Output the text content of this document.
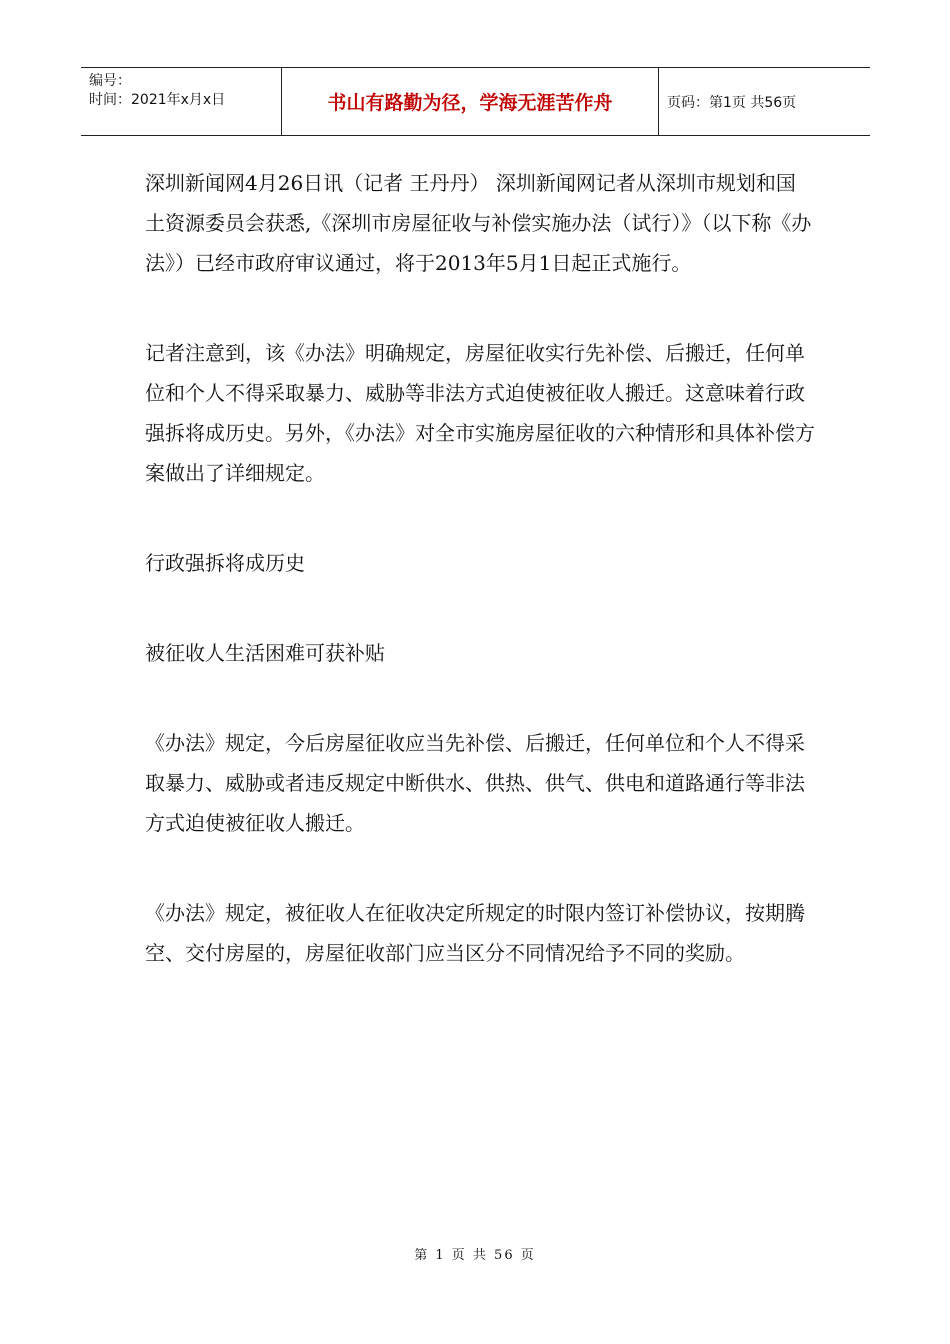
编号：
时间：2021年x月x日	书山有路勤为径，学海无涯苦作舟	页码：第1页 共56页

深圳新闻网4月26日讯（记者 王丹丹） 深圳新闻网记者从深圳市规划和国土资源委员会获悉,《深圳市房屋征收与补偿实施办法（试行）》（以下称《办法》）已经市政府审议通过，将于2013年5月1日起正式施行。

记者注意到，该《办法》明确规定，房屋征收实行先补偿、后搬迁，任何单位和个人不得采取暴力、威胁等非法方式迫使被征收人搬迁。这意味着行政强拆将成历史。另外，《办法》对全市实施房屋征收的六种情形和具体补偿方案做出了详细规定。

行政强拆将成历史

被征收人生活困难可获补贴

《办法》规定，今后房屋征收应当先补偿、后搬迁，任何单位和个人不得采取暴力、威胁或者违反规定中断供水、供热、供气、供电和道路通行等非法方式迫使被征收人搬迁。

《办法》规定，被征收人在征收决定所规定的时限内签订补偿协议，按期腾空、交付房屋的，房屋征收部门应当区分不同情况给予不同的奖励。

第 1 页 共 56 页
